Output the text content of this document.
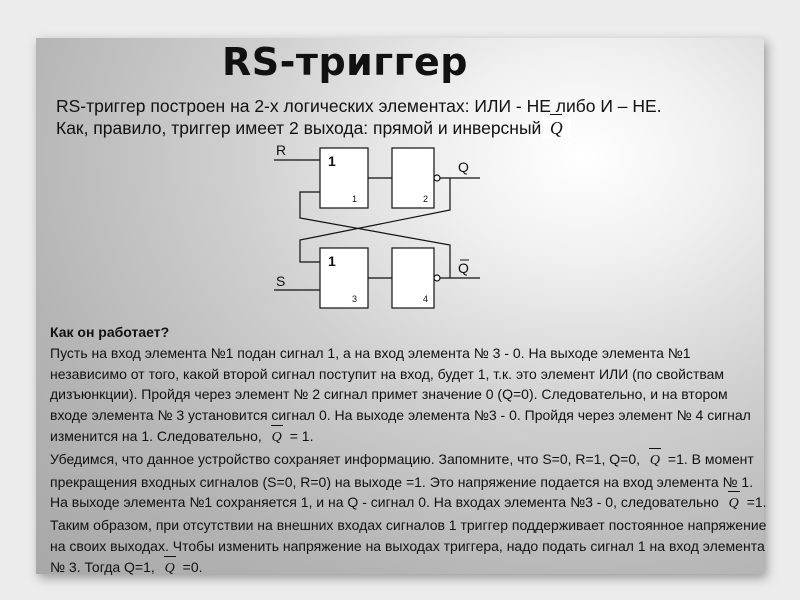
RS-триггер
RS-триггер построен на 2-х логических элементах: ИЛИ - НЕ либо И – НЕ.
Как, правило, триггер имеет 2 выхода: прямой и инверсный Q
R
S
Q
Q
1
1
1	2
3	4
Как он работает?
Пусть на вход элемента №1 подан сигнал 1, а на вход элемента № 3 - 0. На выходе элемента №1 независимо от того, какой второй сигнал поступит на вход, будет 1, т.к. это элемент ИЛИ (по свойствам дизъюнкции). Пройдя через элемент № 2 сигнал примет значение 0 (Q=0). Следовательно, и на втором входе элемента № 3 установится сигнал 0. На выходе элемента №3 - 0. Пройдя через элемент № 4 сигнал изменится на 1. Следовательно, Q = 1.
Убедимся, что данное устройство сохраняет информацию. Запомните, что S=0, R=1, Q=0, Q =1. В момент прекращения входных сигналов (S=0, R=0) на выходе =1. Это напряжение подается на вход элемента № 1. На выходе элемента №1 сохраняется 1, и на Q - сигнал 0. На входах элемента №3 - 0, следовательно Q =1. Таким образом, при отсутствии на внешних входах сигналов 1 триггер поддерживает постоянное напряжение на своих выходах. Чтобы изменить напряжение на выходах триггера, надо подать сигнал 1 на вход элемента № 3. Тогда Q=1, Q =0.
